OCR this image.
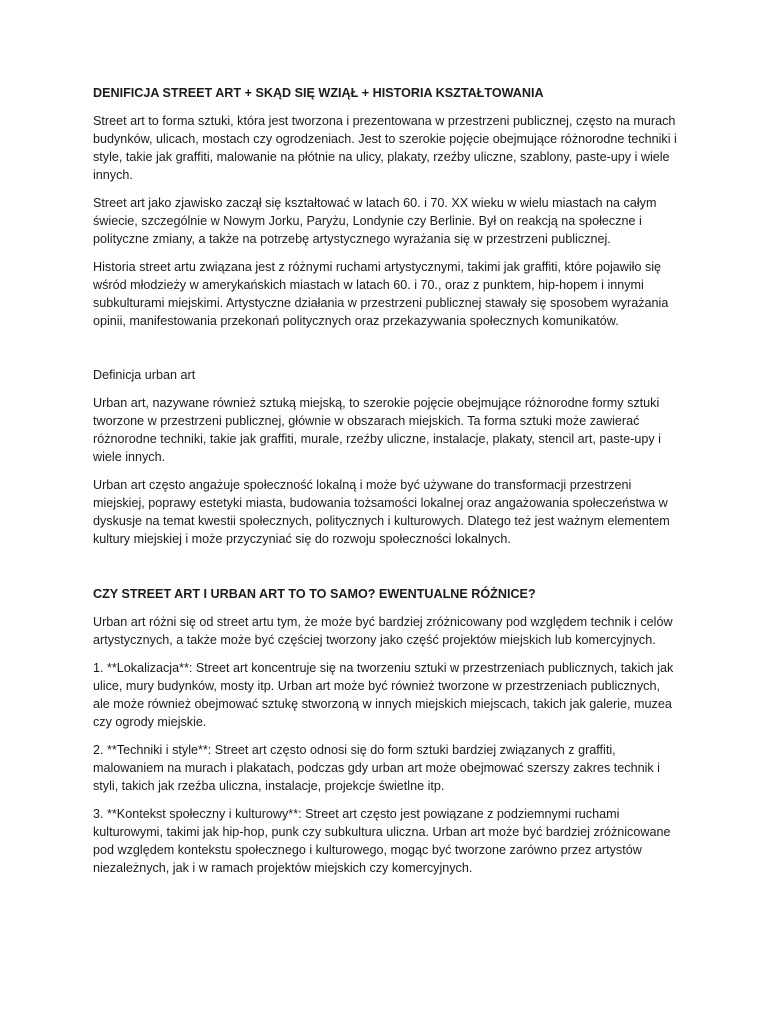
DENIFICJA STREET ART + SKĄD SIĘ WZIĄŁ + HISTORIA KSZTAŁTOWANIA

Street art to forma sztuki, która jest tworzona i prezentowana w przestrzeni publicznej, często na murach budynków, ulicach, mostach czy ogrodzeniach. Jest to szerokie pojęcie obejmujące różnorodne techniki i style, takie jak graffiti, malowanie na płótnie na ulicy, plakaty, rzeźby uliczne, szablony, paste-upy i wiele innych.

Street art jako zjawisko zaczął się kształtować w latach 60. i 70. XX wieku w wielu miastach na całym świecie, szczególnie w Nowym Jorku, Paryżu, Londynie czy Berlinie. Był on reakcją na społeczne i polityczne zmiany, a także na potrzebę artystycznego wyrażania się w przestrzeni publicznej.

Historia street artu związana jest z różnymi ruchami artystycznymi, takimi jak graffiti, które pojawiło się wśród młodzieży w amerykańskich miastach w latach 60. i 70., oraz z punktem, hip-hopem i innymi subkulturami miejskimi. Artystyczne działania w przestrzeni publicznej stawały się sposobem wyrażania opinii, manifestowania przekonań politycznych oraz przekazywania społecznych komunikatów.

Definicja urban art

Urban art, nazywane również sztuką miejską, to szerokie pojęcie obejmujące różnorodne formy sztuki tworzone w przestrzeni publicznej, głównie w obszarach miejskich. Ta forma sztuki może zawierać różnorodne techniki, takie jak graffiti, murale, rzeźby uliczne, instalacje, plakaty, stencil art, paste-upy i wiele innych.

Urban art często angażuje społeczność lokalną i może być używane do transformacji przestrzeni miejskiej, poprawy estetyki miasta, budowania tożsamości lokalnej oraz angażowania społeczeństwa w dyskusje na temat kwestii społecznych, politycznych i kulturowych. Dlatego też jest ważnym elementem kultury miejskiej i może przyczyniać się do rozwoju społeczności lokalnych.

CZY STREET ART I URBAN ART TO TO SAMO? EWENTUALNE RÓŻNICE?

Urban art różni się od street artu tym, że może być bardziej zróżnicowany pod względem technik i celów artystycznych, a także może być częściej tworzony jako część projektów miejskich lub komercyjnych.

1. **Lokalizacja**: Street art koncentruje się na tworzeniu sztuki w przestrzeniach publicznych, takich jak ulice, mury budynków, mosty itp. Urban art może być również tworzone w przestrzeniach publicznych, ale może również obejmować sztukę stworzoną w innych miejskich miejscach, takich jak galerie, muzea czy ogrody miejskie.

2. **Techniki i style**: Street art często odnosi się do form sztuki bardziej związanych z graffiti, malowaniem na murach i plakatach, podczas gdy urban art może obejmować szerszy zakres technik i styli, takich jak rzeźba uliczna, instalacje, projekcje świetlne itp.

3. **Kontekst społeczny i kulturowy**: Street art często jest powiązane z podziemnymi ruchami kulturowymi, takimi jak hip-hop, punk czy subkultura uliczna. Urban art może być bardziej zróżnicowane pod względem kontekstu społecznego i kulturowego, mogąc być tworzone zarówno przez artystów niezależnych, jak i w ramach projektów miejskich czy komercyjnych.
